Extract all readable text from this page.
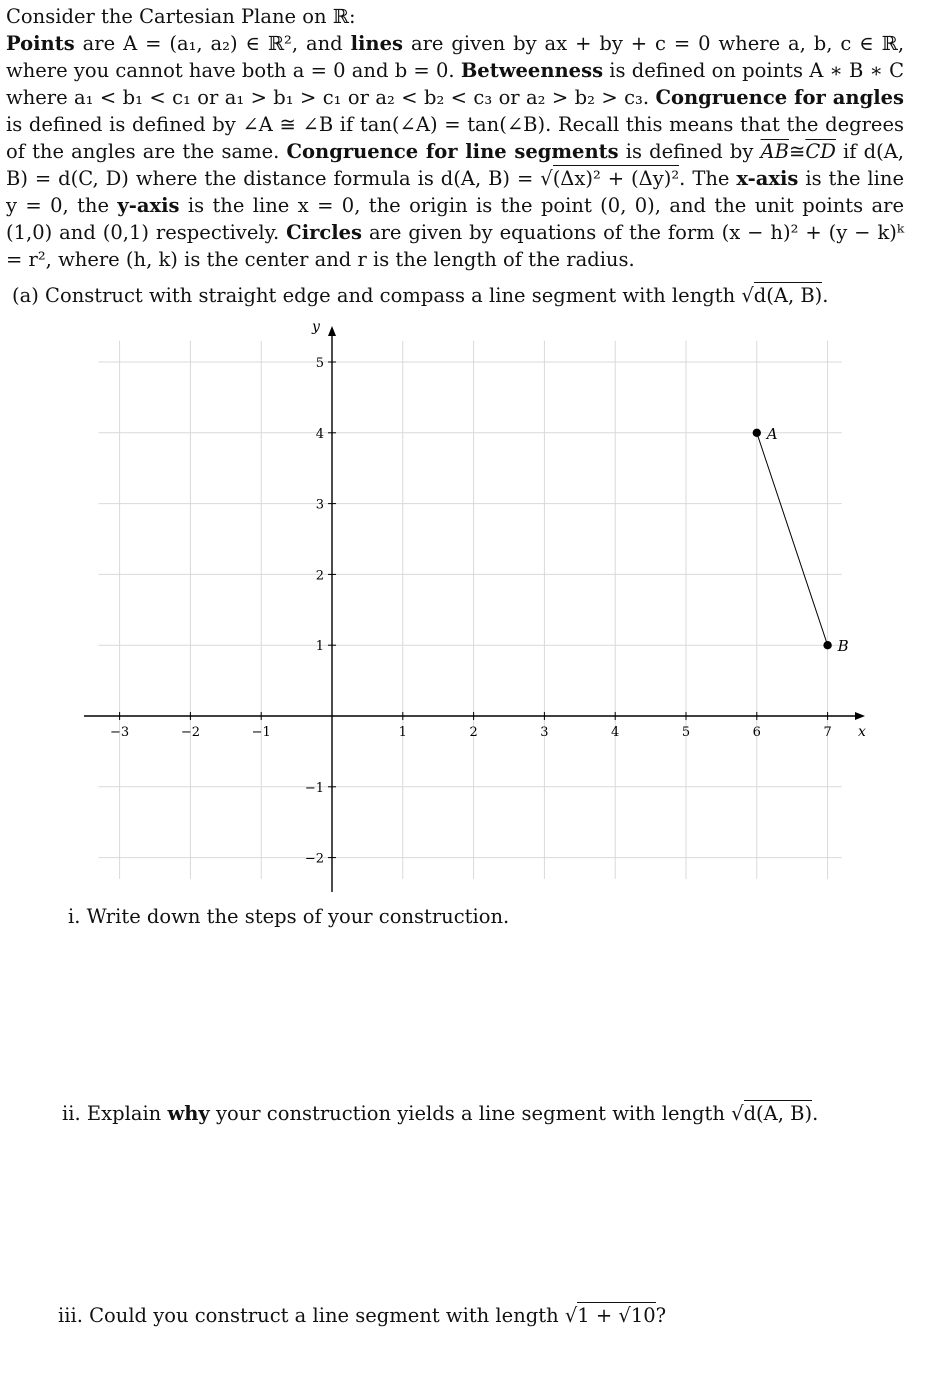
Consider the Cartesian Plane on ℝ:
Points are A = (a₁, a₂) ∈ ℝ², and lines are given by ax + by + c = 0 where a, b, c ∈ ℝ, where you cannot have both a = 0 and b = 0. Betweenness is defined on points A ∗ B ∗ C where a₁ < b₁ < c₁ or a₁ > b₁ > c₁ or a₂ < b₂ < c₃ or a₂ > b₂ > c₃. Congruence for angles is defined is defined by ∠A ≅ ∠B if tan(∠A) = tan(∠B). Recall this means that the degrees of the angles are the same. Congruence for line segments is defined by $\overline{AB}≅\overline{CD}$ if d(A, B) = d(C, D) where the distance formula is d(A, B) = √(Δx)² + (Δy)². The x-axis is the line y = 0, the y-axis is the line x = 0, the origin is the point (0, 0), and the unit points are (1,0) and (0,1) respectively. Circles are given by equations of the form (x − h)² + (y − k)ᵏ = r², where (h, k) is the center and r is the length of the radius.
(a) Construct with straight edge and compass a line segment with length √d(A, B).
x
y
−3	−2	−1	1	2	3	4	5	6	7
5
4
3
2
1
−1
−2
A
B
i. Write down the steps of your construction.
ii. Explain why your construction yields a line segment with length √d(A, B).
iii. Could you construct a line segment with length √1 + √10?
